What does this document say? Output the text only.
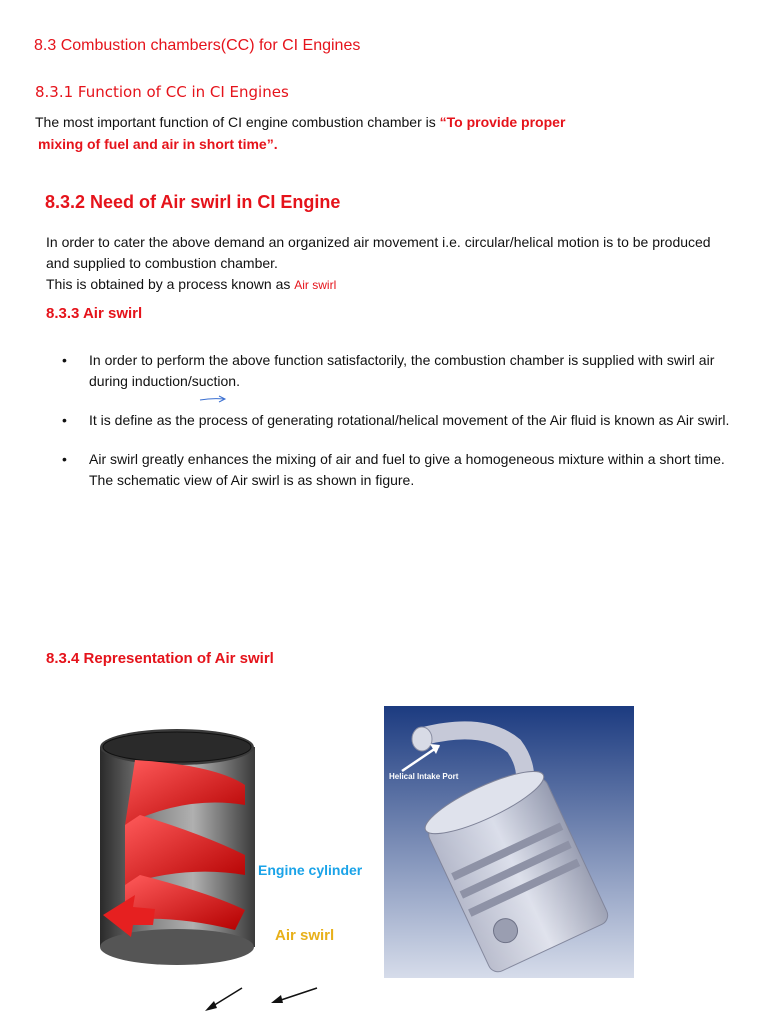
8.3 Combustion chambers(CC) for CI Engines
8.3.1 Function of CC in CI Engines
The most important function of CI engine combustion chamber is “To provide proper
mixing of fuel and air in short time”.
8.3.2 Need of Air swirl in CI Engine
In order to cater the above demand an organized air movement i.e. circular/helical motion is to be produced and supplied to combustion chamber.
This is obtained by a process known as Air swirl
8.3.3 Air swirl
• In order to perform the above function satisfactorily, the combustion chamber is supplied with swirl air during induction/suction.
• It is define as the process of generating rotational/helical movement of the Air fluid is known as Air swirl.
• Air swirl greatly enhances the mixing of air and fuel to give a homogeneous mixture within a short time. The schematic view of Air swirl is as shown in figure.
8.3.4 Representation of Air swirl
Engine cylinder
Air swirl
Helical Intake Port
